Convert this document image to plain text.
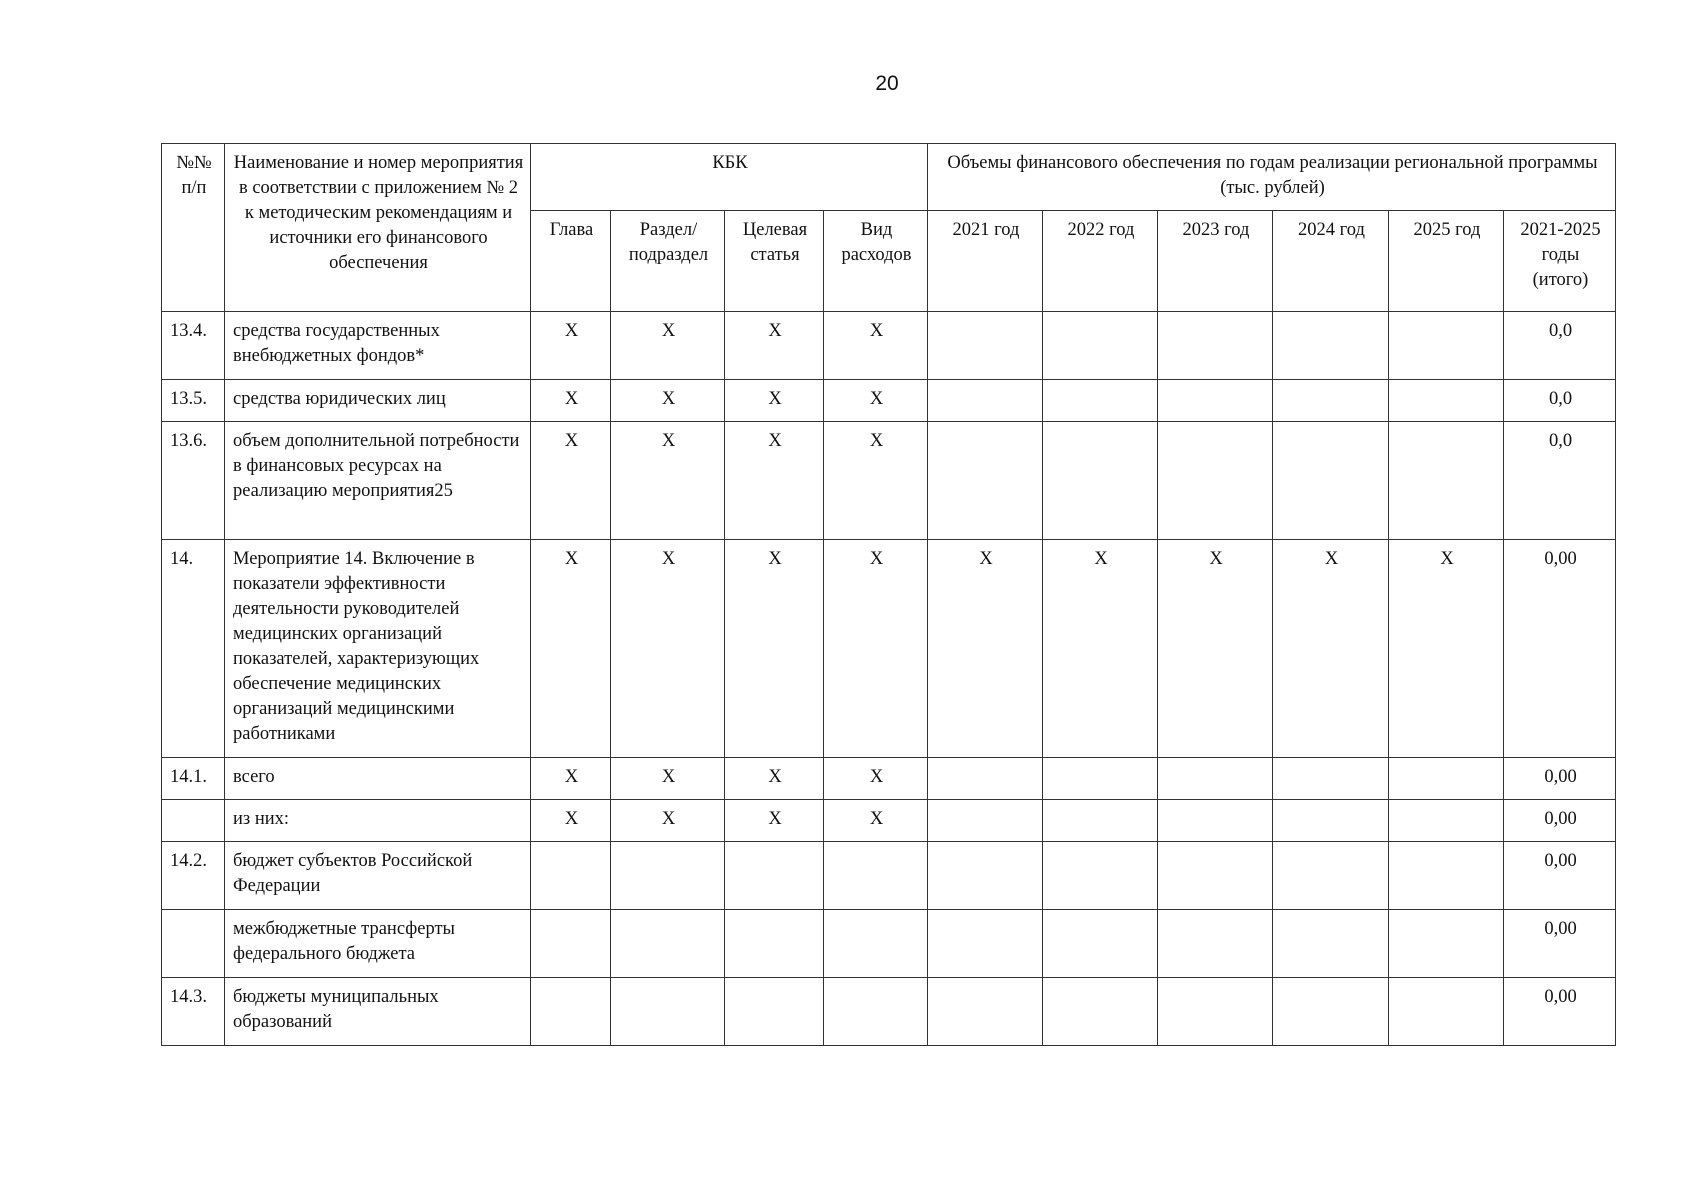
20
№№ п/п	Наименование и номер мероприятия в соответствии с приложением № 2 к методическим рекомендациям и источники его финансового обеспечения	КБК				Объемы финансового обеспечения по годам реализации региональной программы (тыс. рублей)					
		Глава	Раздел/ подраздел	Целевая статья	Вид расходов	2021 год	2022 год	2023 год	2024 год	2025 год	2021-2025 годы (итого)
13.4.	средства государственных внебюджетных фондов*	Х	Х	Х	Х						0,0
13.5.	средства юридических лиц	Х	Х	Х	Х						0,0
13.6.	объем дополнительной потребности в финансовых ресурсах на реализацию мероприятия25	Х	Х	Х	Х						0,0
14.	Мероприятие 14. Включение в показатели эффективности деятельности руководителей медицинских организаций показателей, характеризующих обеспечение медицинских организаций медицинскими работниками	Х	Х	Х	Х	Х	Х	Х	Х	Х	0,00
14.1.	всего	Х	Х	Х	Х						0,00
	из них:	Х	Х	Х	Х						0,00
14.2.	бюджет субъектов Российской Федерации										0,00
	межбюджетные трансферты федерального бюджета										0,00
14.3.	бюджеты муниципальных образований										0,00
